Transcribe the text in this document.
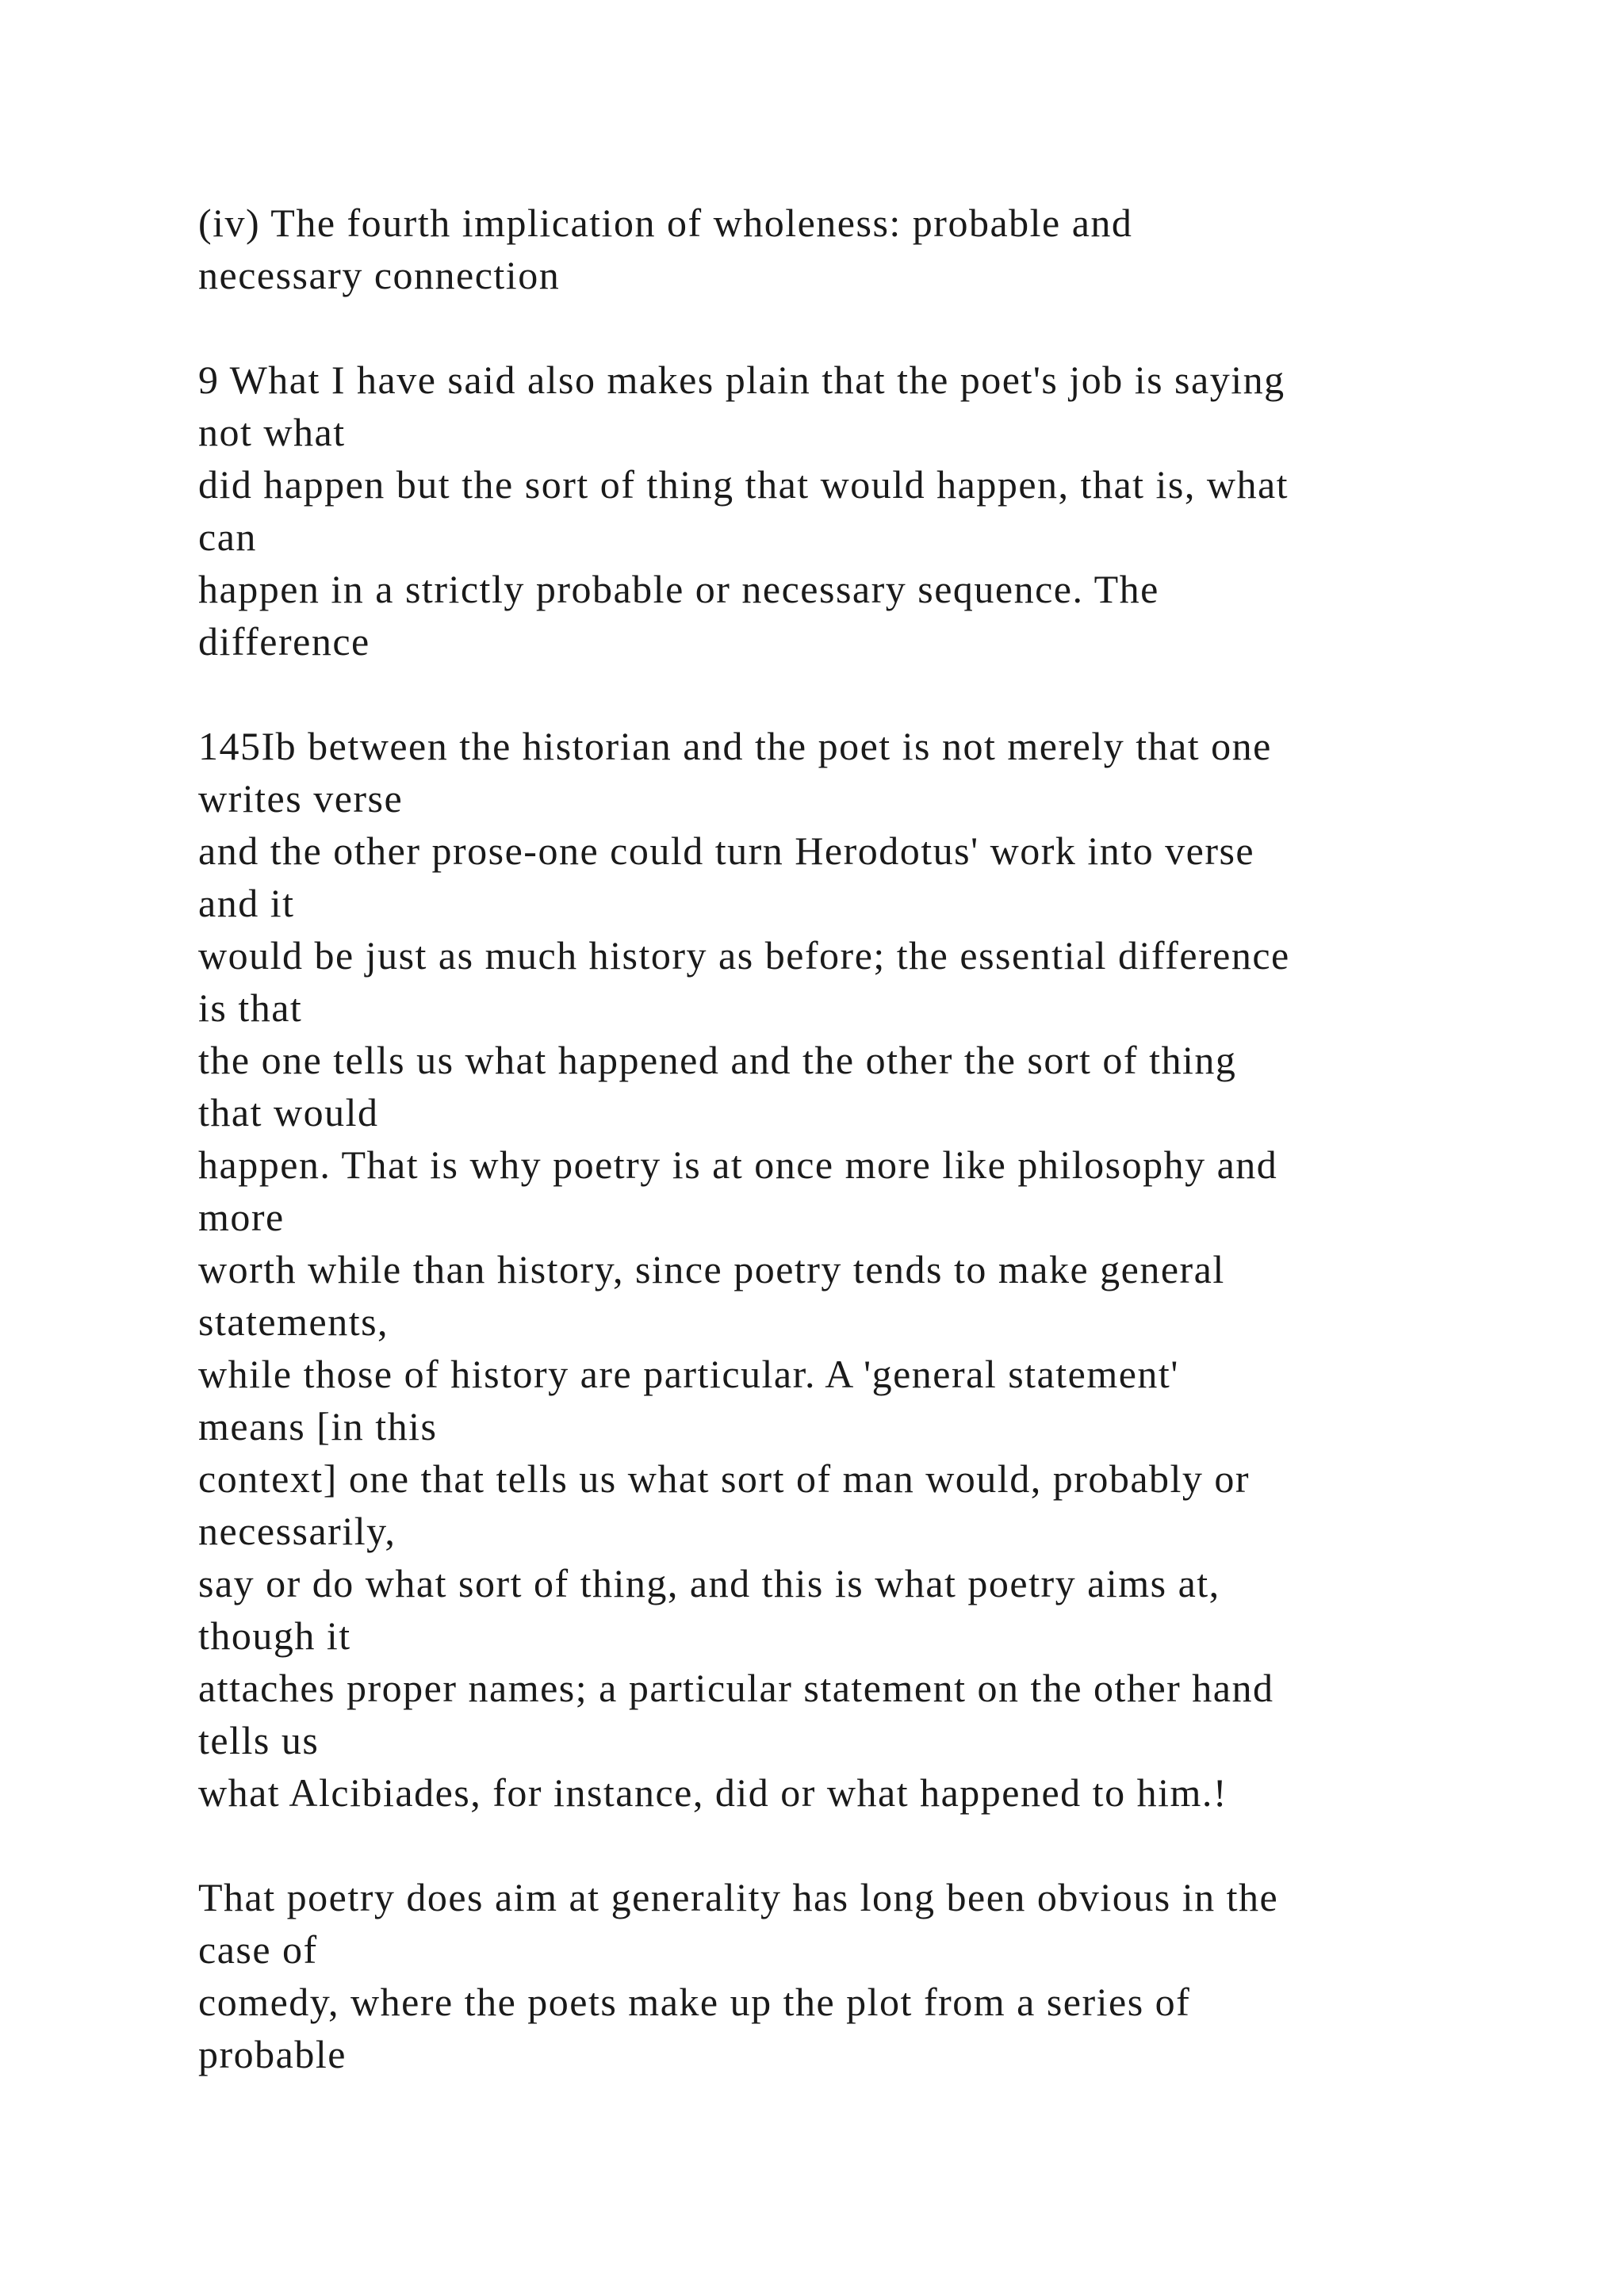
(iv) The fourth implication of wholeness: probable and
necessary connection
9 What I have said also makes plain that the poet's job is saying
not what
did happen but the sort of thing that would happen, that is, what
can
happen in a strictly probable or necessary sequence. The
difference
145Ib between the historian and the poet is not merely that one
writes verse
and the other prose-one could turn Herodotus' work into verse
and it
would be just as much history as before; the essential difference
is that
the one tells us what happened and the other the sort of thing
that would
happen. That is why poetry is at once more like philosophy and
more
worth while than history, since poetry tends to make general
statements,
while those of history are particular. A 'general statement'
means [in this
context] one that tells us what sort of man would, probably or
necessarily,
say or do what sort of thing, and this is what poetry aims at,
though it
attaches proper names; a particular statement on the other hand
tells us
what Alcibiades, for instance, did or what happened to him.!
That poetry does aim at generality has long been obvious in the
case of
comedy, where the poets make up the plot from a series of
probable
